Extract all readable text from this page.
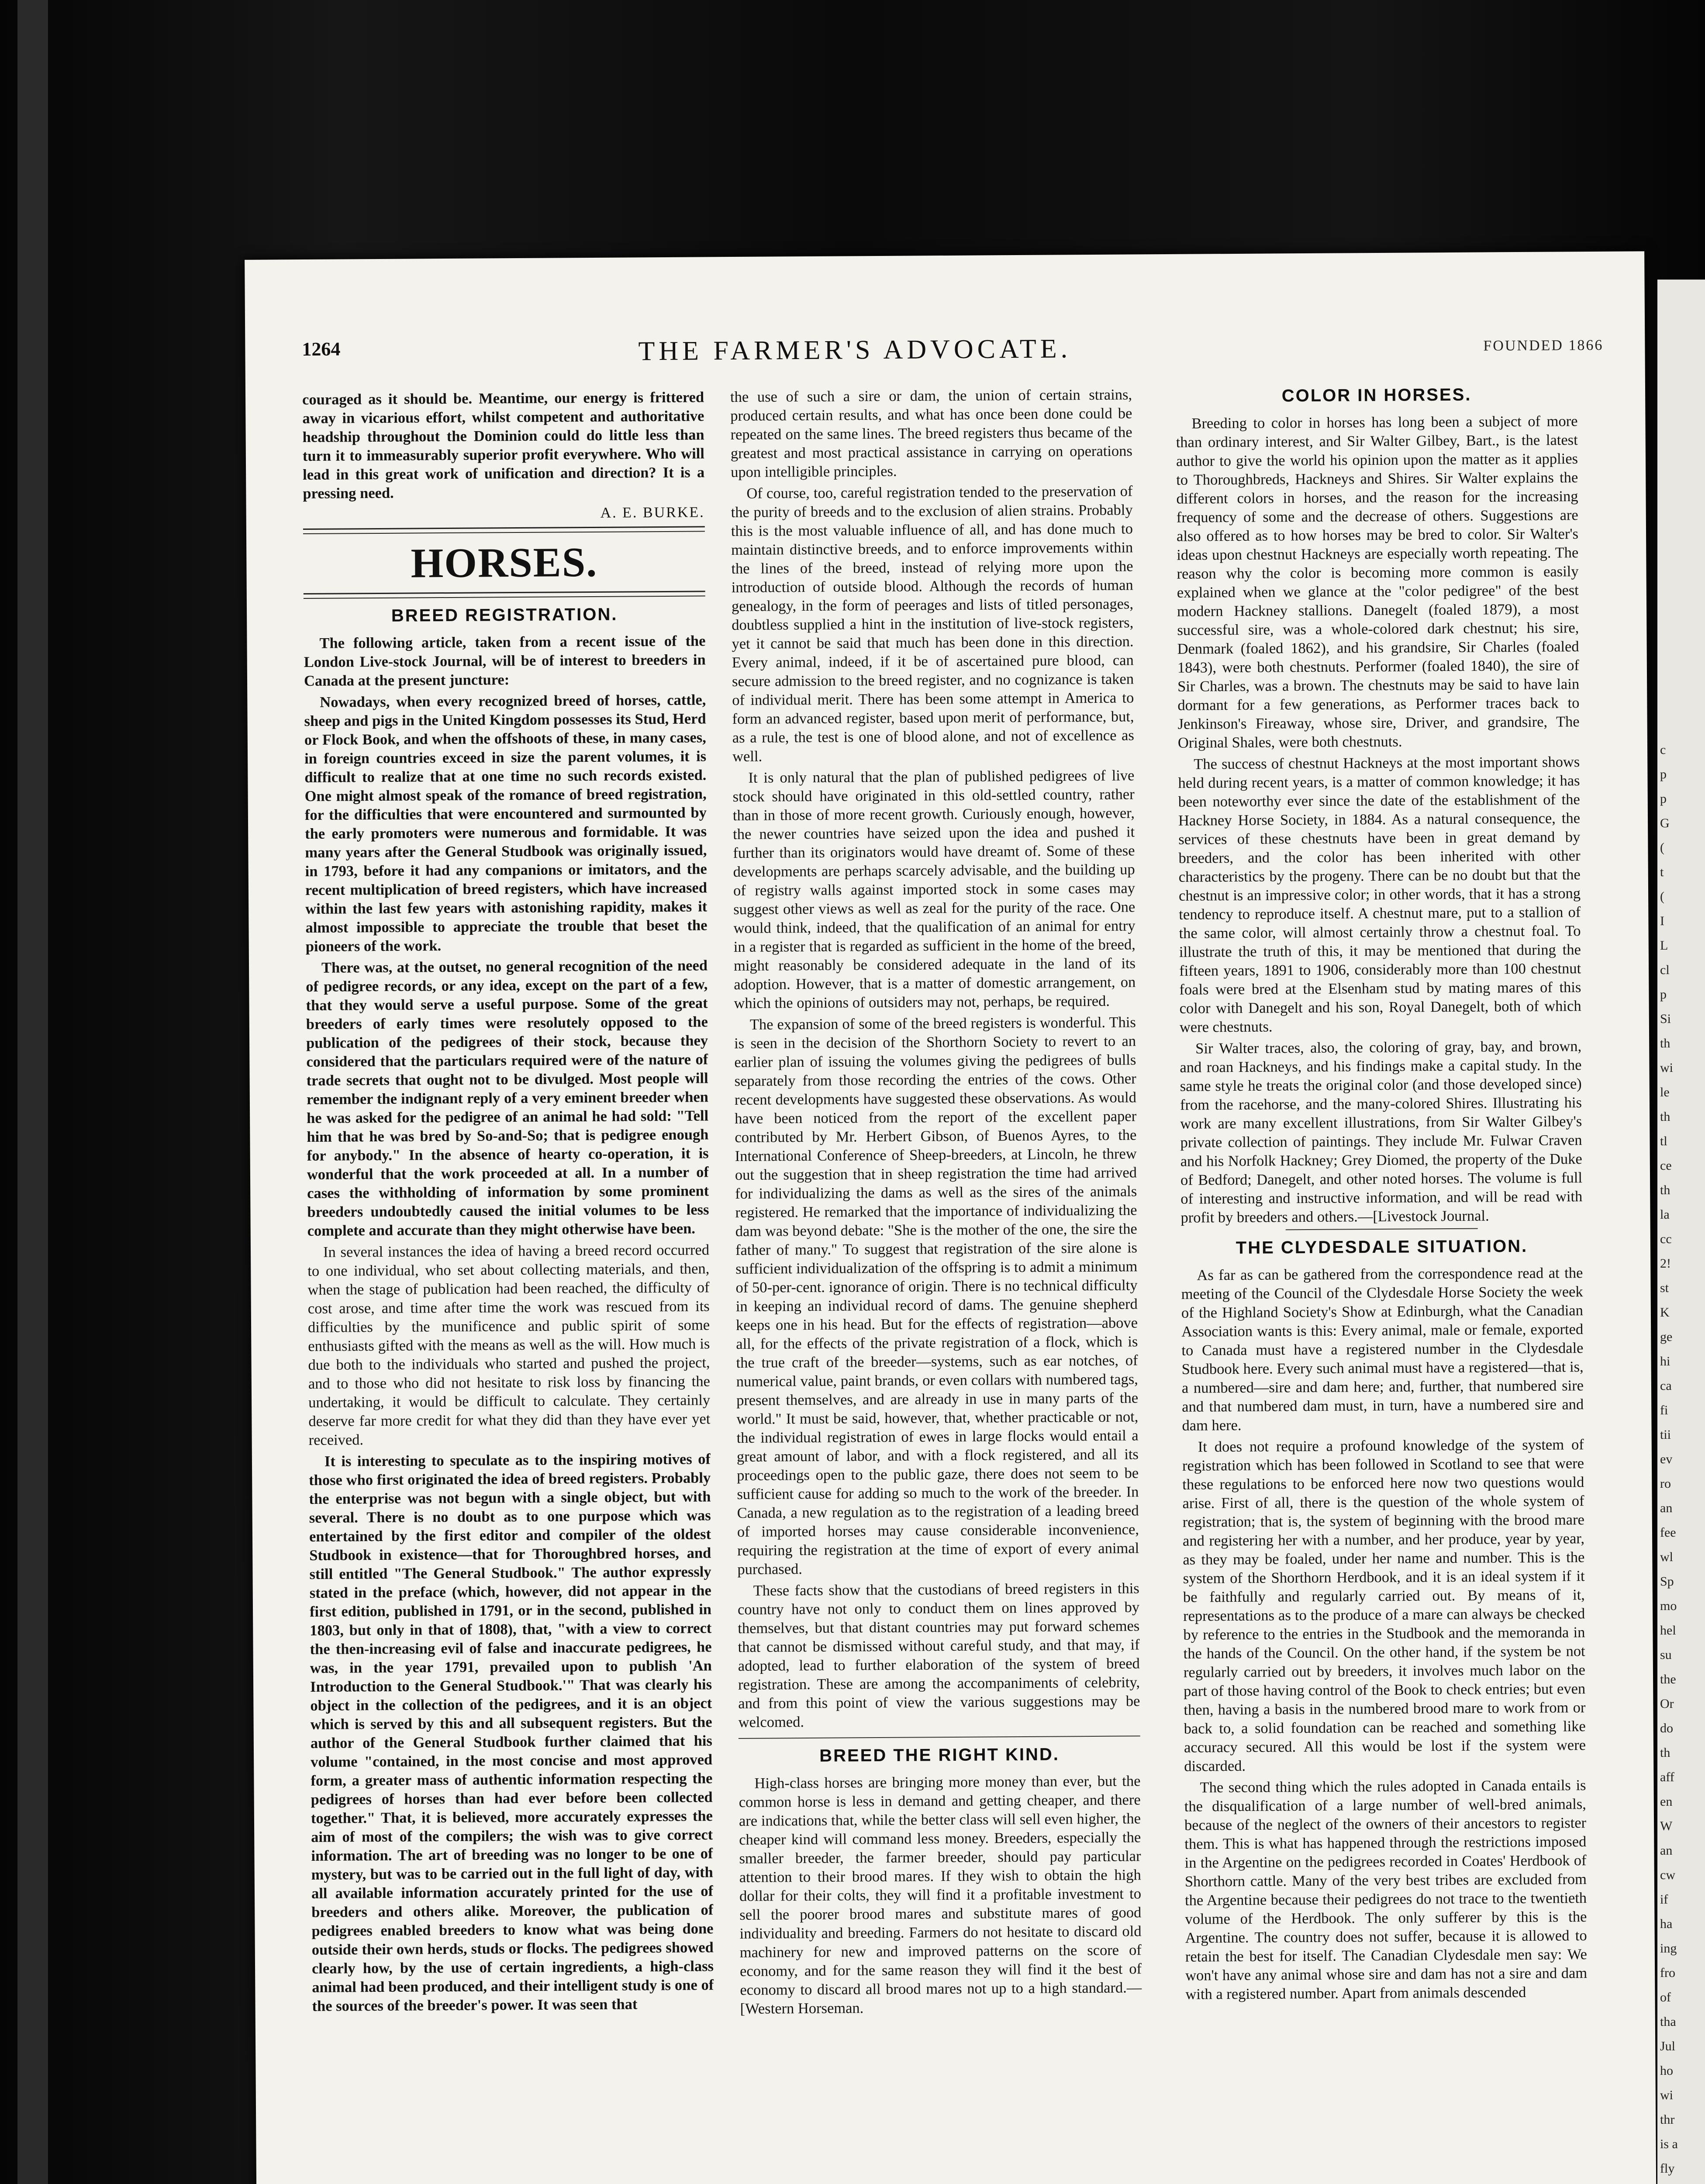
1264	THE FARMER'S ADVOCATE.	FOUNDED 1866

couraged as it should be. Meantime, our energy is frittered away in vicarious effort, whilst competent and authoritative headship throughout the Dominion could do little less than turn it to immeasurably superior profit everywhere. Who will lead in this great work of unification and direction? It is a pressing need.

A. E. BURKE.
HORSES.
BREED REGISTRATION.

The following article, taken from a recent issue of the London Live-stock Journal, will be of interest to breeders in Canada at the present juncture:

Nowadays, when every recognized breed of horses, cattle, sheep and pigs in the United Kingdom possesses its Stud, Herd or Flock Book, and when the offshoots of these, in many cases, in foreign countries exceed in size the parent volumes, it is difficult to realize that at one time no such records existed. One might almost speak of the romance of breed registration, for the difficulties that were encountered and surmounted by the early promoters were numerous and formidable. It was many years after the General Studbook was originally issued, in 1793, before it had any companions or imitators, and the recent multiplication of breed registers, which have increased within the last few years with astonishing rapidity, makes it almost impossible to appreciate the trouble that beset the pioneers of the work.

There was, at the outset, no general recognition of the need of pedigree records, or any idea, except on the part of a few, that they would serve a useful purpose. Some of the great breeders of early times were resolutely opposed to the publication of the pedigrees of their stock, because they considered that the particulars required were of the nature of trade secrets that ought not to be divulged. Most people will remember the indignant reply of a very eminent breeder when he was asked for the pedigree of an animal he had sold: "Tell him that he was bred by So-and-So; that is pedigree enough for anybody." In the absence of hearty co-operation, it is wonderful that the work proceeded at all. In a number of cases the withholding of information by some prominent breeders undoubtedly caused the initial volumes to be less complete and accurate than they might otherwise have been.

In several instances the idea of having a breed record occurred to one individual, who set about collecting materials, and then, when the stage of publication had been reached, the difficulty of cost arose, and time after time the work was rescued from its difficulties by the munificence and public spirit of some enthusiasts gifted with the means as well as the will. How much is due both to the individuals who started and pushed the project, and to those who did not hesitate to risk loss by financing the undertaking, it would be difficult to calculate. They certainly deserve far more credit for what they did than they have ever yet received.

It is interesting to speculate as to the inspiring motives of those who first originated the idea of breed registers. Probably the enterprise was not begun with a single object, but with several. There is no doubt as to one purpose which was entertained by the first editor and compiler of the oldest Studbook in existence—that for Thoroughbred horses, and still entitled "The General Studbook." The author expressly stated in the preface (which, however, did not appear in the first edition, published in 1791, or in the second, published in 1803, but only in that of 1808), that, "with a view to correct the then-increasing evil of false and inaccurate pedigrees, he was, in the year 1791, prevailed upon to publish 'An Introduction to the General Studbook.'" That was clearly his object in the collection of the pedigrees, and it is an object which is served by this and all subsequent registers. But the author of the General Studbook further claimed that his volume "contained, in the most concise and most approved form, a greater mass of authentic information respecting the pedigrees of horses than had ever before been collected together." That, it is believed, more accurately expresses the aim of most of the compilers; the wish was to give correct information. The art of breeding was no longer to be one of mystery, but was to be carried out in the full light of day, with all available information accurately printed for the use of breeders and others alike. Moreover, the publication of pedigrees enabled breeders to know what was being done outside their own herds, studs or flocks. The pedigrees showed clearly how, by the use of certain ingredients, a high-class animal had been produced, and their intelligent study is one of the sources of the breeder's power. It was seen that

the use of such a sire or dam, the union of certain strains, produced certain results, and what has once been done could be repeated on the same lines. The breed registers thus became of the greatest and most practical assistance in carrying on operations upon intelligible principles.

Of course, too, careful registration tended to the preservation of the purity of breeds and to the exclusion of alien strains. Probably this is the most valuable influence of all, and has done much to maintain distinctive breeds, and to enforce improvements within the lines of the breed, instead of relying more upon the introduction of outside blood. Although the records of human genealogy, in the form of peerages and lists of titled personages, doubtless supplied a hint in the institution of live-stock registers, yet it cannot be said that much has been done in this direction. Every animal, indeed, if it be of ascertained pure blood, can secure admission to the breed register, and no cognizance is taken of individual merit. There has been some attempt in America to form an advanced register, based upon merit of performance, but, as a rule, the test is one of blood alone, and not of excellence as well.

It is only natural that the plan of published pedigrees of live stock should have originated in this old-settled country, rather than in those of more recent growth. Curiously enough, however, the newer countries have seized upon the idea and pushed it further than its originators would have dreamt of. Some of these developments are perhaps scarcely advisable, and the building up of registry walls against imported stock in some cases may suggest other views as well as zeal for the purity of the race. One would think, indeed, that the qualification of an animal for entry in a register that is regarded as sufficient in the home of the breed, might reasonably be considered adequate in the land of its adoption. However, that is a matter of domestic arrangement, on which the opinions of outsiders may not, perhaps, be required.

The expansion of some of the breed registers is wonderful. This is seen in the decision of the Shorthorn Society to revert to an earlier plan of issuing the volumes giving the pedigrees of bulls separately from those recording the entries of the cows. Other recent developments have suggested these observations. As would have been noticed from the report of the excellent paper contributed by Mr. Herbert Gibson, of Buenos Ayres, to the International Conference of Sheep-breeders, at Lincoln, he threw out the suggestion that in sheep registration the time had arrived for individualizing the dams as well as the sires of the animals registered. He remarked that the importance of individualizing the dam was beyond debate: "She is the mother of the one, the sire the father of many." To suggest that registration of the sire alone is sufficient individualization of the offspring is to admit a minimum of 50-per-cent. ignorance of origin. There is no technical difficulty in keeping an individual record of dams. The genuine shepherd keeps one in his head. But for the effects of registration—above all, for the effects of the private registration of a flock, which is the true craft of the breeder—systems, such as ear notches, of numerical value, paint brands, or even collars with numbered tags, present themselves, and are already in use in many parts of the world." It must be said, however, that, whether practicable or not, the individual registration of ewes in large flocks would entail a great amount of labor, and with a flock registered, and all its proceedings open to the public gaze, there does not seem to be sufficient cause for adding so much to the work of the breeder. In Canada, a new regulation as to the registration of a leading breed of imported horses may cause considerable inconvenience, requiring the registration at the time of export of every animal purchased.

These facts show that the custodians of breed registers in this country have not only to conduct them on lines approved by themselves, but that distant countries may put forward schemes that cannot be dismissed without careful study, and that may, if adopted, lead to further elaboration of the system of breed registration. These are among the accompaniments of celebrity, and from this point of view the various suggestions may be welcomed.

BREED THE RIGHT KIND.

High-class horses are bringing more money than ever, but the common horse is less in demand and getting cheaper, and there are indications that, while the better class will sell even higher, the cheaper kind will command less money. Breeders, especially the smaller breeder, the farmer breeder, should pay particular attention to their brood mares. If they wish to obtain the high dollar for their colts, they will find it a profitable investment to sell the poorer brood mares and substitute mares of good individuality and breeding. Farmers do not hesitate to discard old machinery for new and improved patterns on the score of economy, and for the same reason they will find it the best of economy to discard all brood mares not up to a high standard.—[Western Horseman.

COLOR IN HORSES.

Breeding to color in horses has long been a subject of more than ordinary interest, and Sir Walter Gilbey, Bart., is the latest author to give the world his opinion upon the matter as it applies to Thoroughbreds, Hackneys and Shires. Sir Walter explains the different colors in horses, and the reason for the increasing frequency of some and the decrease of others. Suggestions are also offered as to how horses may be bred to color. Sir Walter's ideas upon chestnut Hackneys are especially worth repeating. The reason why the color is becoming more common is easily explained when we glance at the "color pedigree" of the best modern Hackney stallions. Danegelt (foaled 1879), a most successful sire, was a whole-colored dark chestnut; his sire, Denmark (foaled 1862), and his grandsire, Sir Charles (foaled 1843), were both chestnuts. Performer (foaled 1840), the sire of Sir Charles, was a brown. The chestnuts may be said to have lain dormant for a few generations, as Performer traces back to Jenkinson's Fireaway, whose sire, Driver, and grandsire, The Original Shales, were both chestnuts.

The success of chestnut Hackneys at the most important shows held during recent years, is a matter of common knowledge; it has been noteworthy ever since the date of the establishment of the Hackney Horse Society, in 1884. As a natural consequence, the services of these chestnuts have been in great demand by breeders, and the color has been inherited with other characteristics by the progeny. There can be no doubt but that the chestnut is an impressive color; in other words, that it has a strong tendency to reproduce itself. A chestnut mare, put to a stallion of the same color, will almost certainly throw a chestnut foal. To illustrate the truth of this, it may be mentioned that during the fifteen years, 1891 to 1906, considerably more than 100 chestnut foals were bred at the Elsenham stud by mating mares of this color with Danegelt and his son, Royal Danegelt, both of which were chestnuts.

Sir Walter traces, also, the coloring of gray, bay, and brown, and roan Hackneys, and his findings make a capital study. In the same style he treats the original color (and those developed since) from the racehorse, and the many-colored Shires. Illustrating his work are many excellent illustrations, from Sir Walter Gilbey's private collection of paintings. They include Mr. Fulwar Craven and his Norfolk Hackney; Grey Diomed, the property of the Duke of Bedford; Danegelt, and other noted horses. The volume is full of interesting and instructive information, and will be read with profit by breeders and others.—[Livestock Journal.

THE CLYDESDALE SITUATION.

As far as can be gathered from the correspondence read at the meeting of the Council of the Clydesdale Horse Society the week of the Highland Society's Show at Edinburgh, what the Canadian Association wants is this: Every animal, male or female, exported to Canada must have a registered number in the Clydesdale Studbook here. Every such animal must have a registered—that is, a numbered—sire and dam here; and, further, that numbered sire and that numbered dam must, in turn, have a numbered sire and dam here.

It does not require a profound knowledge of the system of registration which has been followed in Scotland to see that were these regulations to be enforced here now two questions would arise. First of all, there is the question of the whole system of registration; that is, the system of beginning with the brood mare and registering her with a number, and her produce, year by year, as they may be foaled, under her name and number. This is the system of the Shorthorn Herdbook, and it is an ideal system if it be faithfully and regularly carried out. By means of it, representations as to the produce of a mare can always be checked by reference to the entries in the Studbook and the memoranda in the hands of the Council. On the other hand, if the system be not regularly carried out by breeders, it involves much labor on the part of those having control of the Book to check entries; but even then, having a basis in the numbered brood mare to work from or back to, a solid foundation can be reached and something like accuracy secured. All this would be lost if the system were discarded.

The second thing which the rules adopted in Canada entails is the disqualification of a large number of well-bred animals, because of the neglect of the owners of their ancestors to register them. This is what has happened through the restrictions imposed in the Argentine on the pedigrees recorded in Coates' Herdbook of Shorthorn cattle. Many of the very best tribes are excluded from the Argentine because their pedigrees do not trace to the twentieth volume of the Herdbook. The only sufferer by this is the Argentine. The country does not suffer, because it is allowed to retain the best for itself. The Canadian Clydesdale men say: We won't have any animal whose sire and dam has not a sire and dam with a registered number. Apart from animals descended

c
p
p
G
(
t
(
I
L
cl
p
Si
th
wi
le
th
tl
ce
th
la
cc
2!
st
K
ge
hi
ca
fi
tii
ev
ro
an
fee
wl
Sp
mo
hel
su
the
Or
do
th
aff
en
W
an
cw
if
ha
ing
fro
of
tha
Jul
ho
wi
thr
is a
fly
